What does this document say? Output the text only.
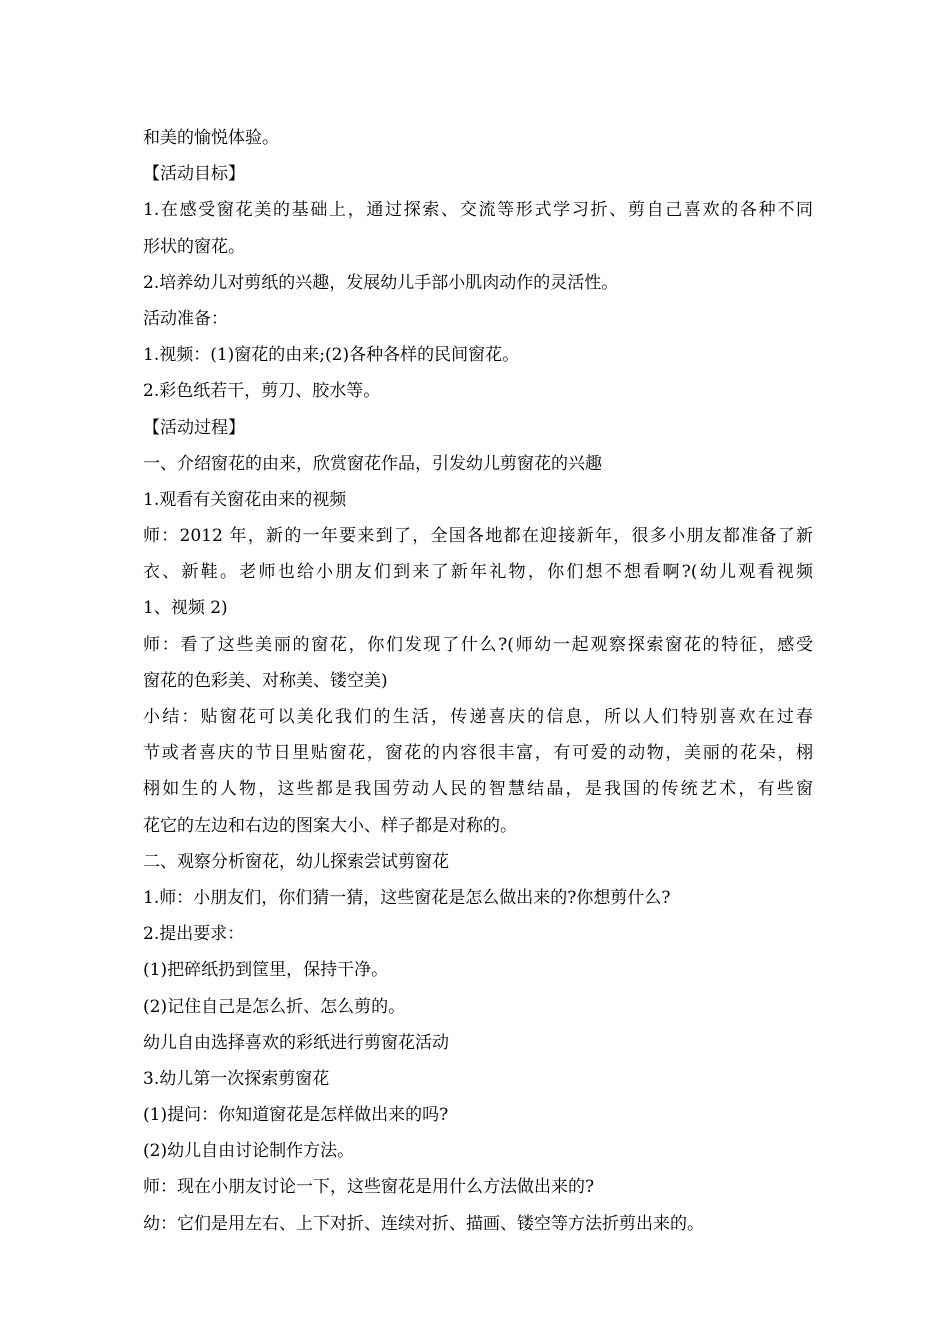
和美的愉悦体验。
【活动目标】
1.在感受窗花美的基础上，通过探索、交流等形式学习折、剪自己喜欢的各种不同
形状的窗花。
2.培养幼儿对剪纸的兴趣，发展幼儿手部小肌肉动作的灵活性。
活动准备：
1.视频：(1)窗花的由来;(2)各种各样的民间窗花。
2.彩色纸若干，剪刀、胶水等。
【活动过程】
一、介绍窗花的由来，欣赏窗花作品，引发幼儿剪窗花的兴趣
1.观看有关窗花由来的视频
师：2012 年，新的一年要来到了，全国各地都在迎接新年，很多小朋友都准备了新
衣、新鞋。老师也给小朋友们到来了新年礼物，你们想不想看啊?(幼儿观看视频
1、视频 2)
师：看了这些美丽的窗花，你们发现了什么?(师幼一起观察探索窗花的特征，感受
窗花的色彩美、对称美、镂空美)
小结：贴窗花可以美化我们的生活，传递喜庆的信息，所以人们特别喜欢在过春
节或者喜庆的节日里贴窗花，窗花的内容很丰富，有可爱的动物，美丽的花朵，栩
栩如生的人物，这些都是我国劳动人民的智慧结晶，是我国的传统艺术，有些窗
花它的左边和右边的图案大小、样子都是对称的。
二、观察分析窗花，幼儿探索尝试剪窗花
1.师：小朋友们，你们猜一猜，这些窗花是怎么做出来的?你想剪什么?
2.提出要求：
(1)把碎纸扔到筐里，保持干净。
(2)记住自己是怎么折、怎么剪的。
幼儿自由选择喜欢的彩纸进行剪窗花活动
3.幼儿第一次探索剪窗花
(1)提问：你知道窗花是怎样做出来的吗?
(2)幼儿自由讨论制作方法。
师：现在小朋友讨论一下，这些窗花是用什么方法做出来的?
幼：它们是用左右、上下对折、连续对折、描画、镂空等方法折剪出来的。
